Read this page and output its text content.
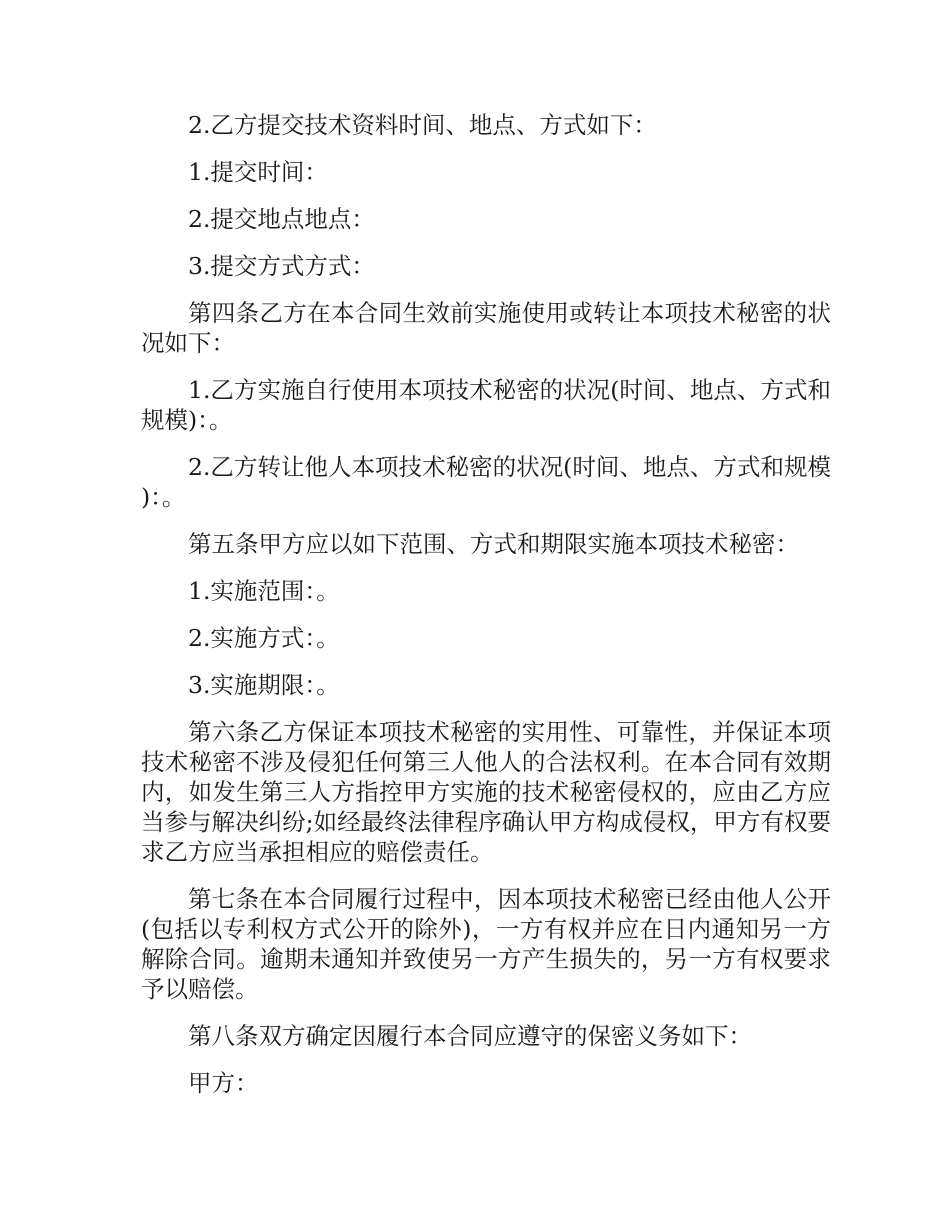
2.乙方提交技术资料时间、地点、方式如下：

1.提交时间：

2.提交地点地点：

3.提交方式方式：

第四条乙方在本合同生效前实施使用或转让本项技术秘密的状况如下：

1.乙方实施自行使用本项技术秘密的状况(时间、地点、方式和规模)：。

2.乙方转让他人本项技术秘密的状况(时间、地点、方式和规模)：。

第五条甲方应以如下范围、方式和期限实施本项技术秘密：

1.实施范围：。

2.实施方式：。

3.实施期限：。

第六条乙方保证本项技术秘密的实用性、可靠性，并保证本项技术秘密不涉及侵犯任何第三人他人的合法权利。在本合同有效期内，如发生第三人方指控甲方实施的技术秘密侵权的，应由乙方应当参与解决纠纷;如经最终法律程序确认甲方构成侵权，甲方有权要求乙方应当承担相应的赔偿责任。

第七条在本合同履行过程中，因本项技术秘密已经由他人公开(包括以专利权方式公开的除外)，一方有权并应在日内通知另一方解除合同。逾期未通知并致使另一方产生损失的，另一方有权要求予以赔偿。

第八条双方确定因履行本合同应遵守的保密义务如下：

甲方：
